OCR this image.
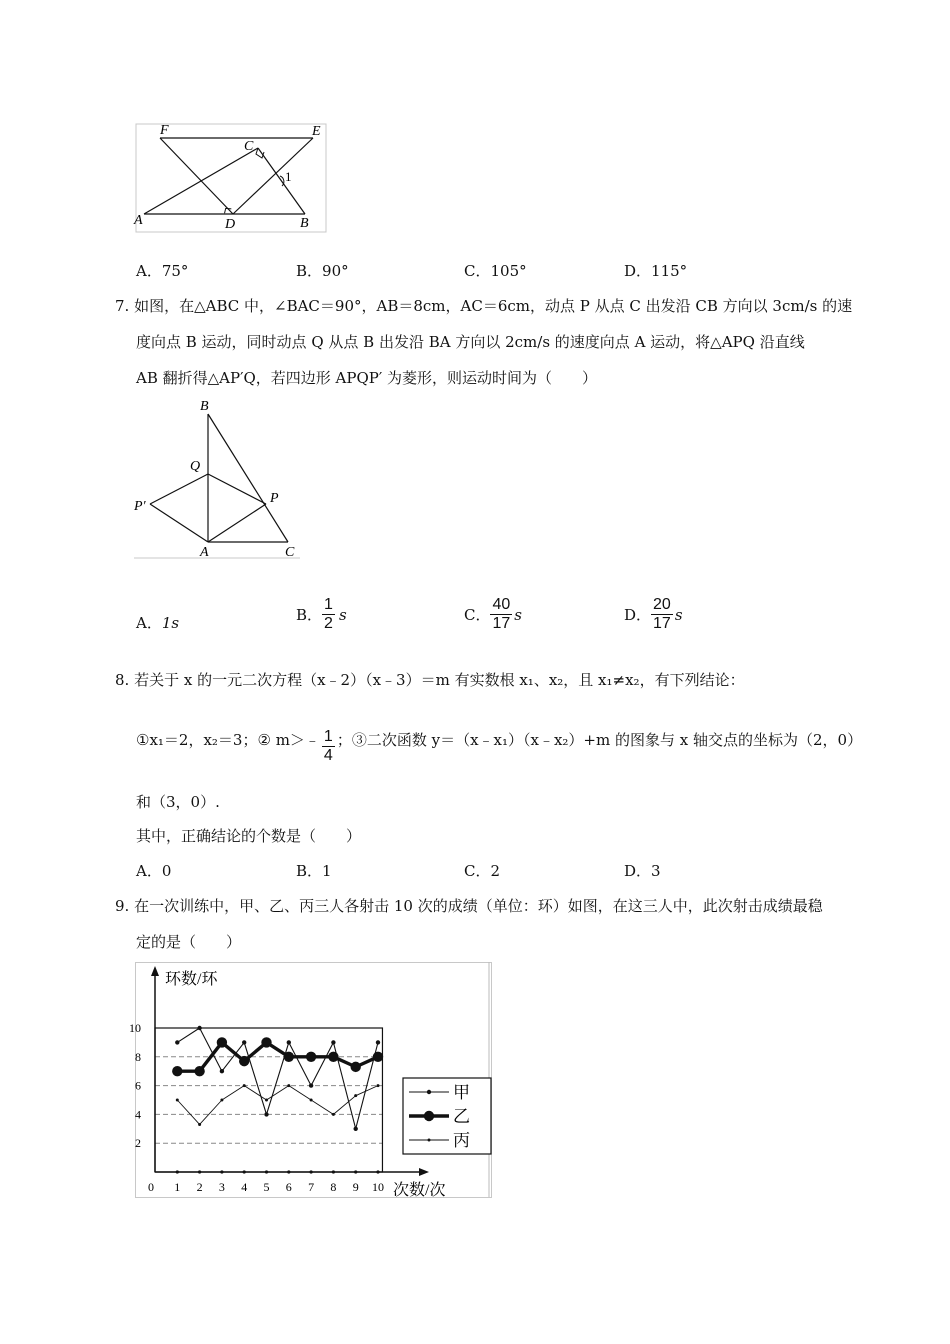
F	E
C
1
A	D	B
A．75°	B．90°	C．105°	D．115°
7. 如图，在△ABC 中，∠BAC＝90°，AB＝8cm，AC＝6cm，动点 P 从点 C 出发沿 CB 方向以 3cm/s 的速
度向点 B 运动，同时动点 Q 从点 B 出发沿 BA 方向以 2cm/s 的速度向点 A 运动，将△APQ 沿直线
AB 翻折得△AP′Q，若四边形 APQP′ 为菱形，则运动时间为（　　）
B
Q
P′
P
A	C
A．1s	B． $\frac{1}{2}$ s	C． $\frac{40}{17}$ s	D． $\frac{20}{17}$ s
8. 若关于 x 的一元二次方程（x﹣2）（x﹣3）＝m 有实数根 x₁、x₂，且 x₁≠x₂，有下列结论：
①x₁＝2，x₂＝3；② m＞﹣ $\frac{1}{4}$ ；③二次函数 y＝（x﹣x₁）（x﹣x₂）+m 的图象与 x 轴交点的坐标为（2，0）
和（3，0）.
其中，正确结论的个数是（　　）
A．0	B．1	C．2	D．3
9. 在一次训练中，甲、乙、丙三人各射击 10 次的成绩（单位：环）如图，在这三人中，此次射击成绩最稳
定的是（　　）
2
4
6
8
10
0 1 2 3 4 5 6 7 8 9 10
环数/环
次数/次
甲
乙
丙
